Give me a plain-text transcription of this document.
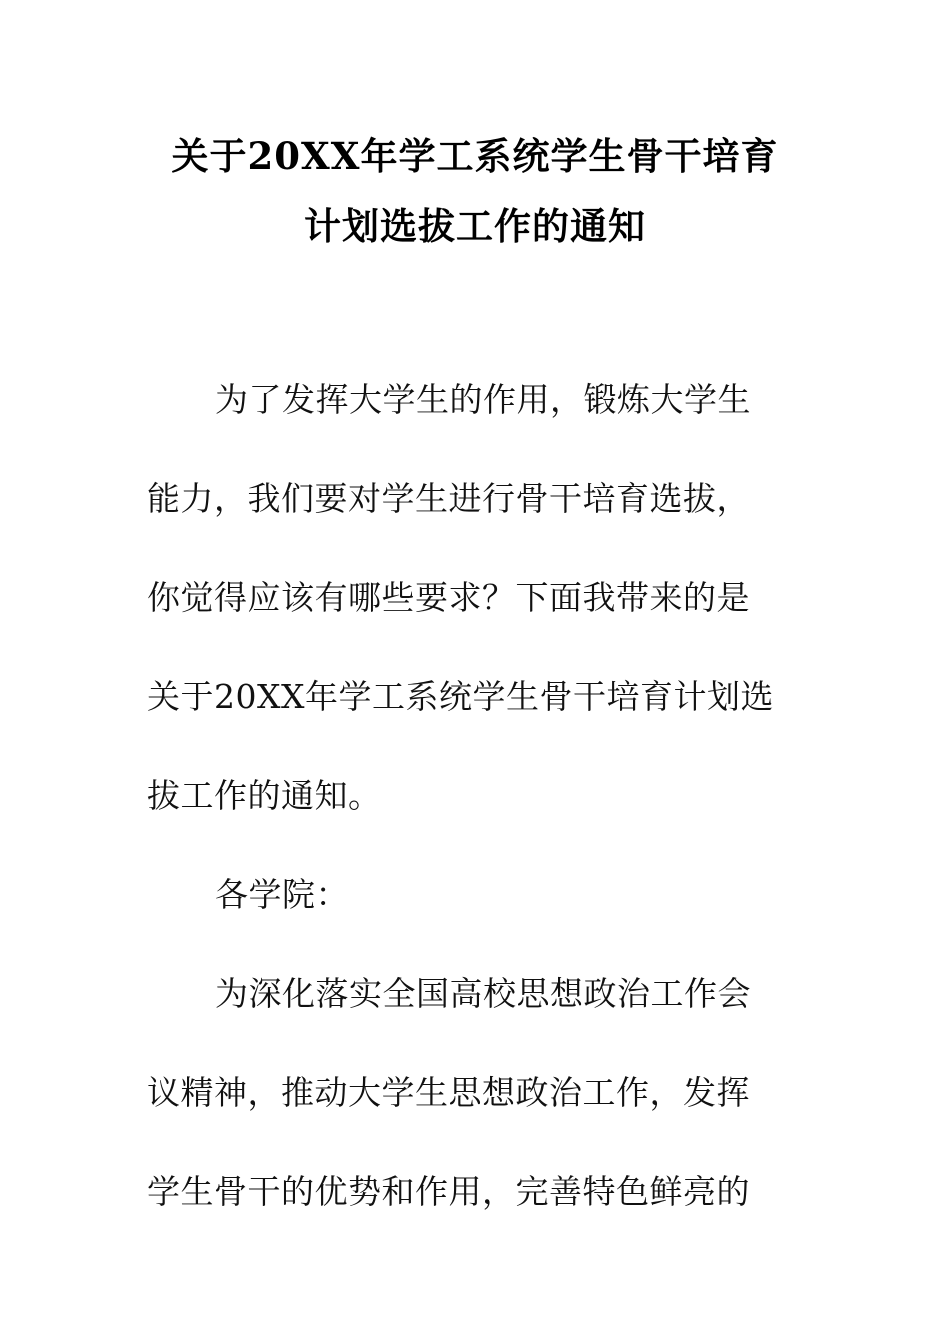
关于20XX年学工系统学生骨干培育
计划选拔工作的通知
为了发挥大学生的作用，锻炼大学生
能力，我们要对学生进行骨干培育选拔，
你觉得应该有哪些要求？下面我带来的是
关于20XX年学工系统学生骨干培育计划选
拔工作的通知。
各学院：
为深化落实全国高校思想政治工作会
议精神，推动大学生思想政治工作，发挥
学生骨干的优势和作用，完善特色鲜亮的
